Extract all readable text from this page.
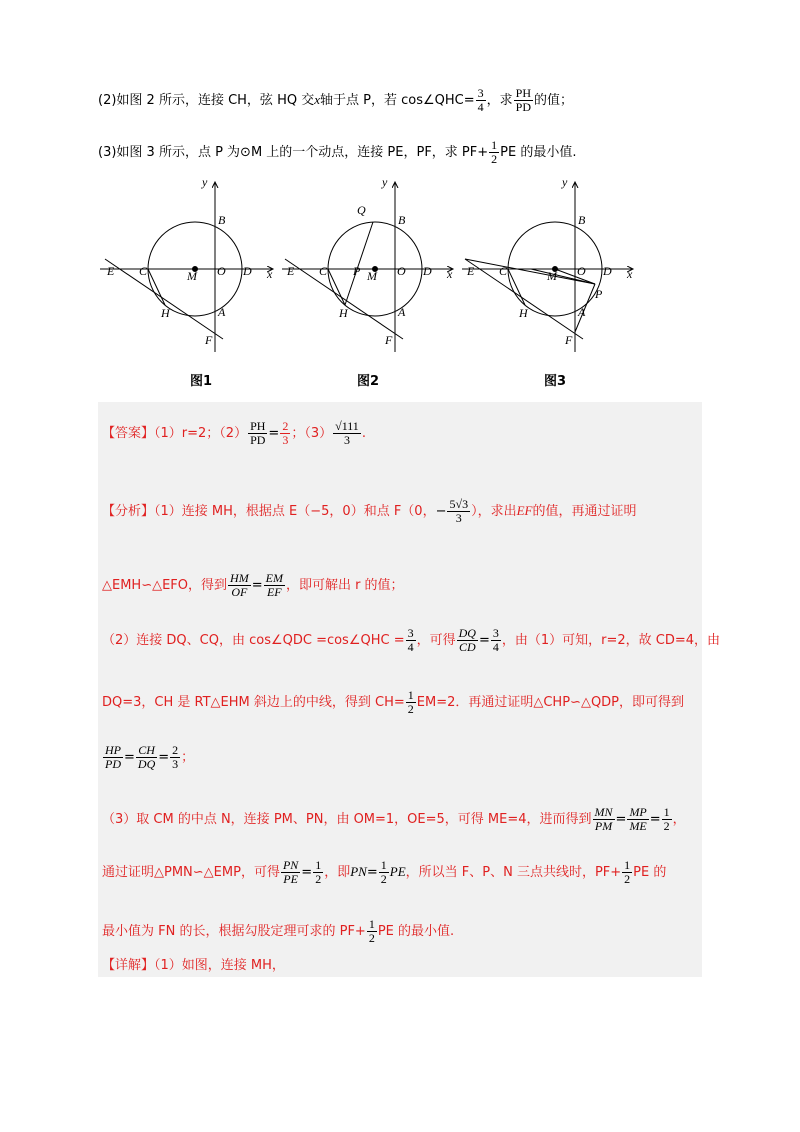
(2)如图 2 所示，连接 CH，弦 HQ 交x轴于点 P，若 cos∠QHC= $\frac{3}{4}$ ，求 $\frac{PH}{PD}$ 的值；
(3)如图 3 所示，点 P 为⊙M 上的一个动点，连接 PE，PF，求 $PF+ \frac{1}{2}$ PE 的最小值.
y
x
B
E C	M O D
H	A
F
y
x
B
Q
E C P M O D
H	A
F
y
x
B
E C	M O D
P
H	A
F
图1	图2	图3
【答案】（1）r=2；$(2) \frac{PH}{PD} = \frac{2}{3}$ ；$(3) \frac{√111}{3}$ .
【分析】（1）连接 MH，根据点 E（−5，0）和点 F（0，− $\frac{5√3}{3}$ ），求出EF的值，再通过证明
△EMH∽△EFO，得到 $\frac{HM}{OF} = \frac{EM}{EF}$ ，即可解出 r 的值；
（2）连接 DQ、CQ，由 cos∠QDC =cos∠QHC = $\frac{3}{4}$ ，可得 $\frac{DQ}{CD} = \frac{3}{4}$ ，由（1）可知，r=2，故 CD=4，由
DQ=3，CH 是 RT△EHM 斜边上的中线，得到 $CH= \frac{1}{2} EM=2$．再通过证明△CHP∽△QDP，即可得到
$\frac{HP}{PD} = \frac{CH}{DQ} = \frac{2}{3}$ ；
（3）取 CM 的中点 N，连接 PM、PN，由 OM=1，OE=5，可得 ME=4，进而得到 $\frac{MN}{PM} = \frac{MP}{ME} = \frac{1}{2}$ ，
通过证明△PMN∽△EMP，可得 $\frac{PN}{PE} = \frac{1}{2}$ ，即$PN= \frac{1}{2}$ PE，所以当 F、P、N 三点共线时，$PF+ \frac{1}{2}$ PE 的
最小值为 FN 的长，根据勾股定理可求的 $PF+ \frac{1}{2}$ PE 的最小值.
【详解】（1）如图，连接 MH，
